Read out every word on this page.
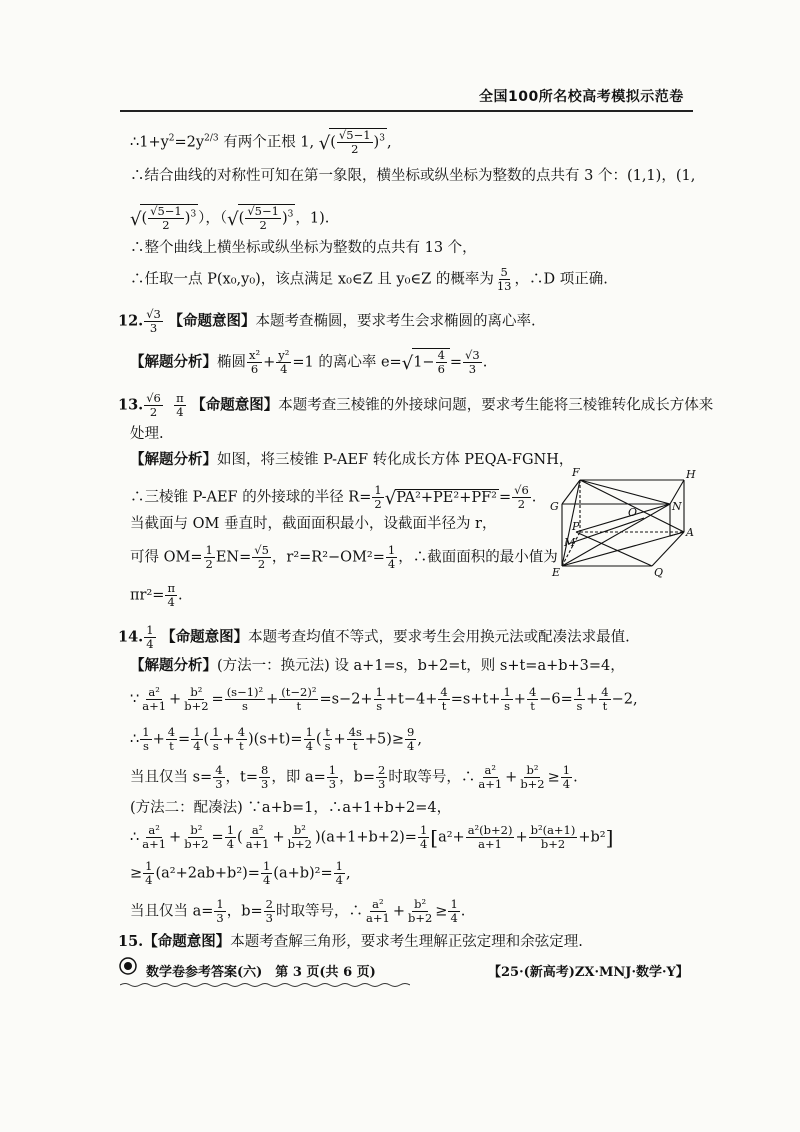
全国100所名校高考模拟示范卷
$\therefore 1+y^2=2y^{2/3}$ 有两个正根 1, √( $\frac{√5-1}{2} )^3$ ,
∴结合曲线的对称性可知在第一象限，横坐标或纵坐标为整数的点共有 3 个：(1,1)，(1,
√( $\frac{√5-1}{2} )^3$ ），（√( $\frac{√5-1}{2} )^3$ ，1).
∴整个曲线上横坐标或纵坐标为整数的点共有 13 个，
∴任取一点 P(x₀,y₀)，该点满足 x₀∈Z 且 y₀∈Z 的概率为 $\frac{5}{13}$ ，∴D 项正确.
12. $\frac{√3}{3}$ 【命题意图】本题考查椭圆，要求考生会求椭圆的离心率.
【解题分析】椭圆 $\frac{\text{x²}}{6} + \frac{\text{y²}}{4} =1$ 的离心率 $e=√1- \frac{4}{6} = \frac{√3}{3}$ .
13. $\frac{√6}{2}$
$\frac{\pi}{4}$ 【命题意图】本题考查三棱锥的外接球问题，要求考生能将三棱锥转化成长方体来
处理.
【解题分析】如图，将三棱锥 P-AEF 转化成长方体 PEQA-FGNH，
∴三棱锥 P-AEF 的外接球的半径 $R= \frac{1}{2} √PA^2+PE^2+PF^2 = \frac{√6}{2}$ .
当截面与 OM 垂直时，截面面积最小，设截面半径为 r，
可得 $OM= \frac{1}{2} EN= \frac{√5}{2}$ ，$r^2=R^2-OM^2= \frac{1}{4}$ ，∴截面面积的最小值为
$\pi r^2= \frac{\pi}{4}$ .
F	H
G	O	N
P
M
A
E	Q
14. $\frac{1}{4}$ 【命题意图】本题考查均值不等式，要求考生会用换元法或配凑法求最值.
【解题分析】(方法一：换元法) 设 a+1=s，b+2=t，则 s+t=a+b+3=4，
∵ $\frac{\text{a²}}{a+1} + \frac{\text{b²}}{b+2} = \frac{\text{(s−1)²}}{s} + \frac{\text{(t−2)²}}{t} =s-2+ \frac{1}{s} +t-4+ \frac{4}{t} =s+t+ \frac{1}{s} + \frac{4}{t} -6= \frac{1}{s} + \frac{4}{t} -2$,
∴ $\frac{1}{s} + \frac{4}{t} = \frac{1}{4}$ ( $\frac{1}{s} + \frac{4}{t} )(s+t)= \frac{1}{4}$ ( $\frac{t}{s} + \frac{4s}{t} +5)\ge \frac{9}{4}$ ,
当且仅当 $s= \frac{4}{3}$ ，$t= \frac{8}{3}$ ，即 $a= \frac{1}{3}$ ，$b= \frac{2}{3}$ 时取等号，∴ $\frac{\text{a²}}{a+1} + \frac{\text{b²}}{b+2} \ge \frac{1}{4}$ .
(方法二：配凑法) ∵a+b=1，∴a+1+b+2=4，
∴ $\frac{\text{a²}}{a+1} + \frac{\text{b²}}{b+2} = \frac{1}{4}$ ( $\frac{\text{a²}}{a+1} + \frac{\text{b²}}{b+2} )(a+1+b+2)= \frac{1}{4} [a^2+ \frac{\text{a²(b+2)}}{a+1} + \frac{\text{b²(a+1)}}{b+2} +b^2]$
≥ $\frac{1}{4} (a^2+2ab+b^2)= \frac{1}{4} (a+b)^2= \frac{1}{4}$ ,
当且仅当 $a= \frac{1}{3}$ ，$b= \frac{2}{3}$ 时取等号，∴ $\frac{\text{a²}}{a+1} + \frac{\text{b²}}{b+2} \ge \frac{1}{4}$ .
15.【命题意图】本题考查解三角形，要求考生理解正弦定理和余弦定理.
数学卷参考答案(六)　第 3 页(共 6 页)	【25·(新高考)ZX·MNJ·数学·Y】
